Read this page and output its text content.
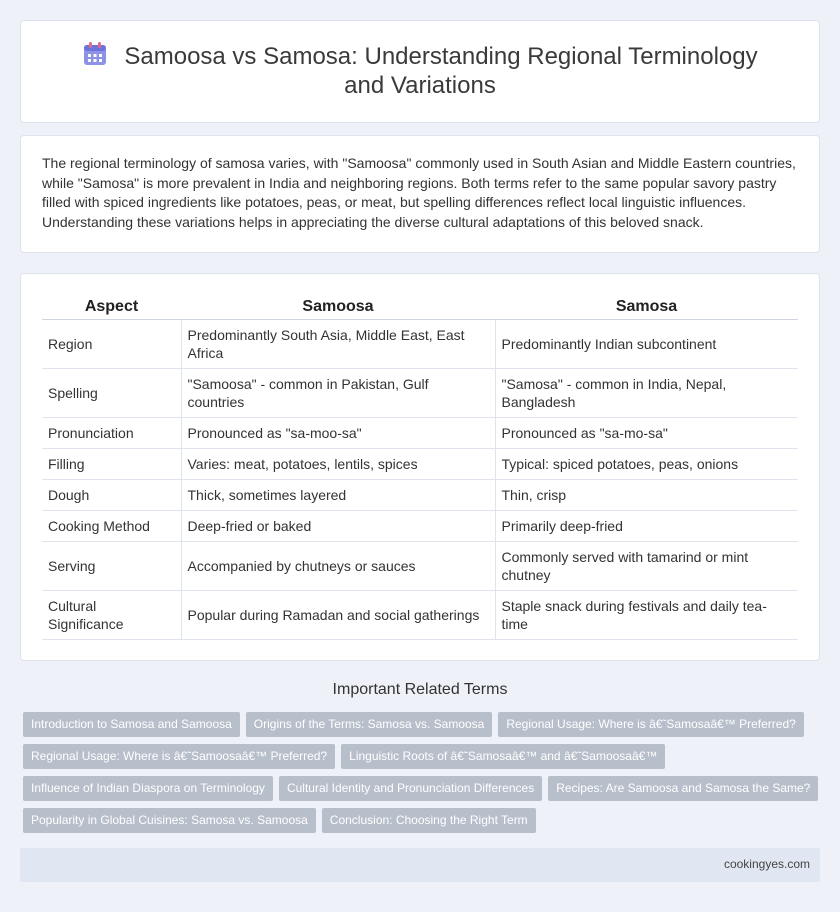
Samoosa vs Samosa: Understanding Regional Terminology and Variations

The regional terminology of samosa varies, with "Samoosa" commonly used in South Asian and Middle Eastern countries, while "Samosa" is more prevalent in India and neighboring regions. Both terms refer to the same popular savory pastry filled with spiced ingredients like potatoes, peas, or meat, but spelling differences reflect local linguistic influences. Understanding these variations helps in appreciating the diverse cultural adaptations of this beloved snack.

Aspect	Samoosa	Samosa
Region	Predominantly South Asia, Middle East, East Africa	Predominantly Indian subcontinent
Spelling	"Samoosa" - common in Pakistan, Gulf countries	"Samosa" - common in India, Nepal, Bangladesh
Pronunciation	Pronounced as "sa-moo-sa"	Pronounced as "sa-mo-sa"
Filling	Varies: meat, potatoes, lentils, spices	Typical: spiced potatoes, peas, onions
Dough	Thick, sometimes layered	Thin, crisp
Cooking Method	Deep-fried or baked	Primarily deep-fried
Serving	Accompanied by chutneys or sauces	Commonly served with tamarind or mint chutney
Cultural Significance	Popular during Ramadan and social gatherings	Staple snack during festivals and daily tea-time
Important Related Terms
Introduction to Samosa and Samoosa Origins of the Terms: Samosa vs. Samoosa Regional Usage: Where is â€˜Samosaâ€™ Preferred?
Regional Usage: Where is â€˜Samoosaâ€™ Preferred? Linguistic Roots of â€˜Samosaâ€™ and â€˜Samoosaâ€™
Influence of Indian Diaspora on Terminology Cultural Identity and Pronunciation Differences Recipes: Are Samoosa and Samosa the Same?
Popularity in Global Cuisines: Samosa vs. Samoosa Conclusion: Choosing the Right Term
cookingyes.com
